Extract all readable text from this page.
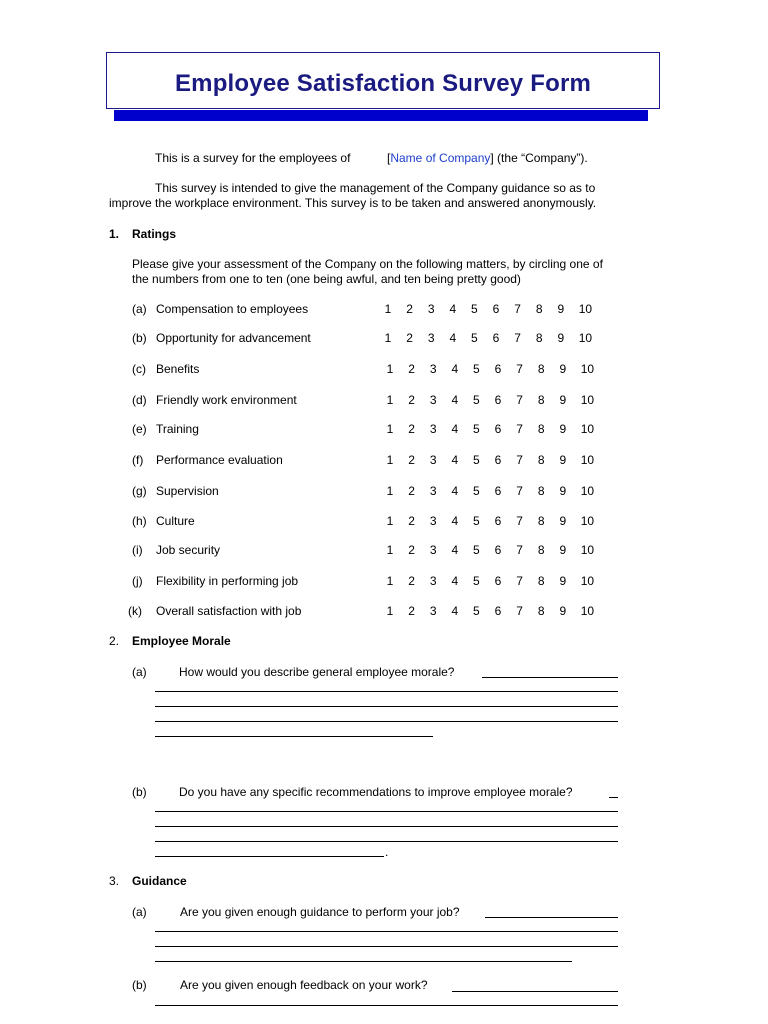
Employee Satisfaction Survey Form
This is a survey for the employees of	[Name of Company] (the “Company”).
This survey is intended to give the management of the Company guidance so as to
improve the workplace environment. This survey is to be taken and answered anonymously.
1. Ratings
Please give your assessment of the Company on the following matters, by circling one of
the numbers from one to ten (one being awful, and ten being pretty good)
(a) Compensation to employees	1	2	3	4	5	6	7	8	9	10
(b) Opportunity for advancement	1	2	3	4	5	6	7	8	9	10
(c) Benefits	1	2	3	4	5	6	7	8	9	10
(d) Friendly work environment	1	2	3	4	5	6	7	8	9	10
(e) Training	1	2	3	4	5	6	7	8	9	10
(f) Performance evaluation	1	2	3	4	5	6	7	8	9	10
(g) Supervision	1	2	3	4	5	6	7	8	9	10
(h) Culture	1	2	3	4	5	6	7	8	9	10
(i) Job security	1	2	3	4	5	6	7	8	9	10
(j) Flexibility in performing job	1	2	3	4	5	6	7	8	9	10
(k) Overall satisfaction with job	1	2	3	4	5	6	7	8	9	10
2. Employee Morale
(a)	How would you describe general employee morale?
(b)	Do you have any specific recommendations to improve employee morale?
.
3. Guidance
(a)	Are you given enough guidance to perform your job?
(b)	Are you given enough feedback on your work?
